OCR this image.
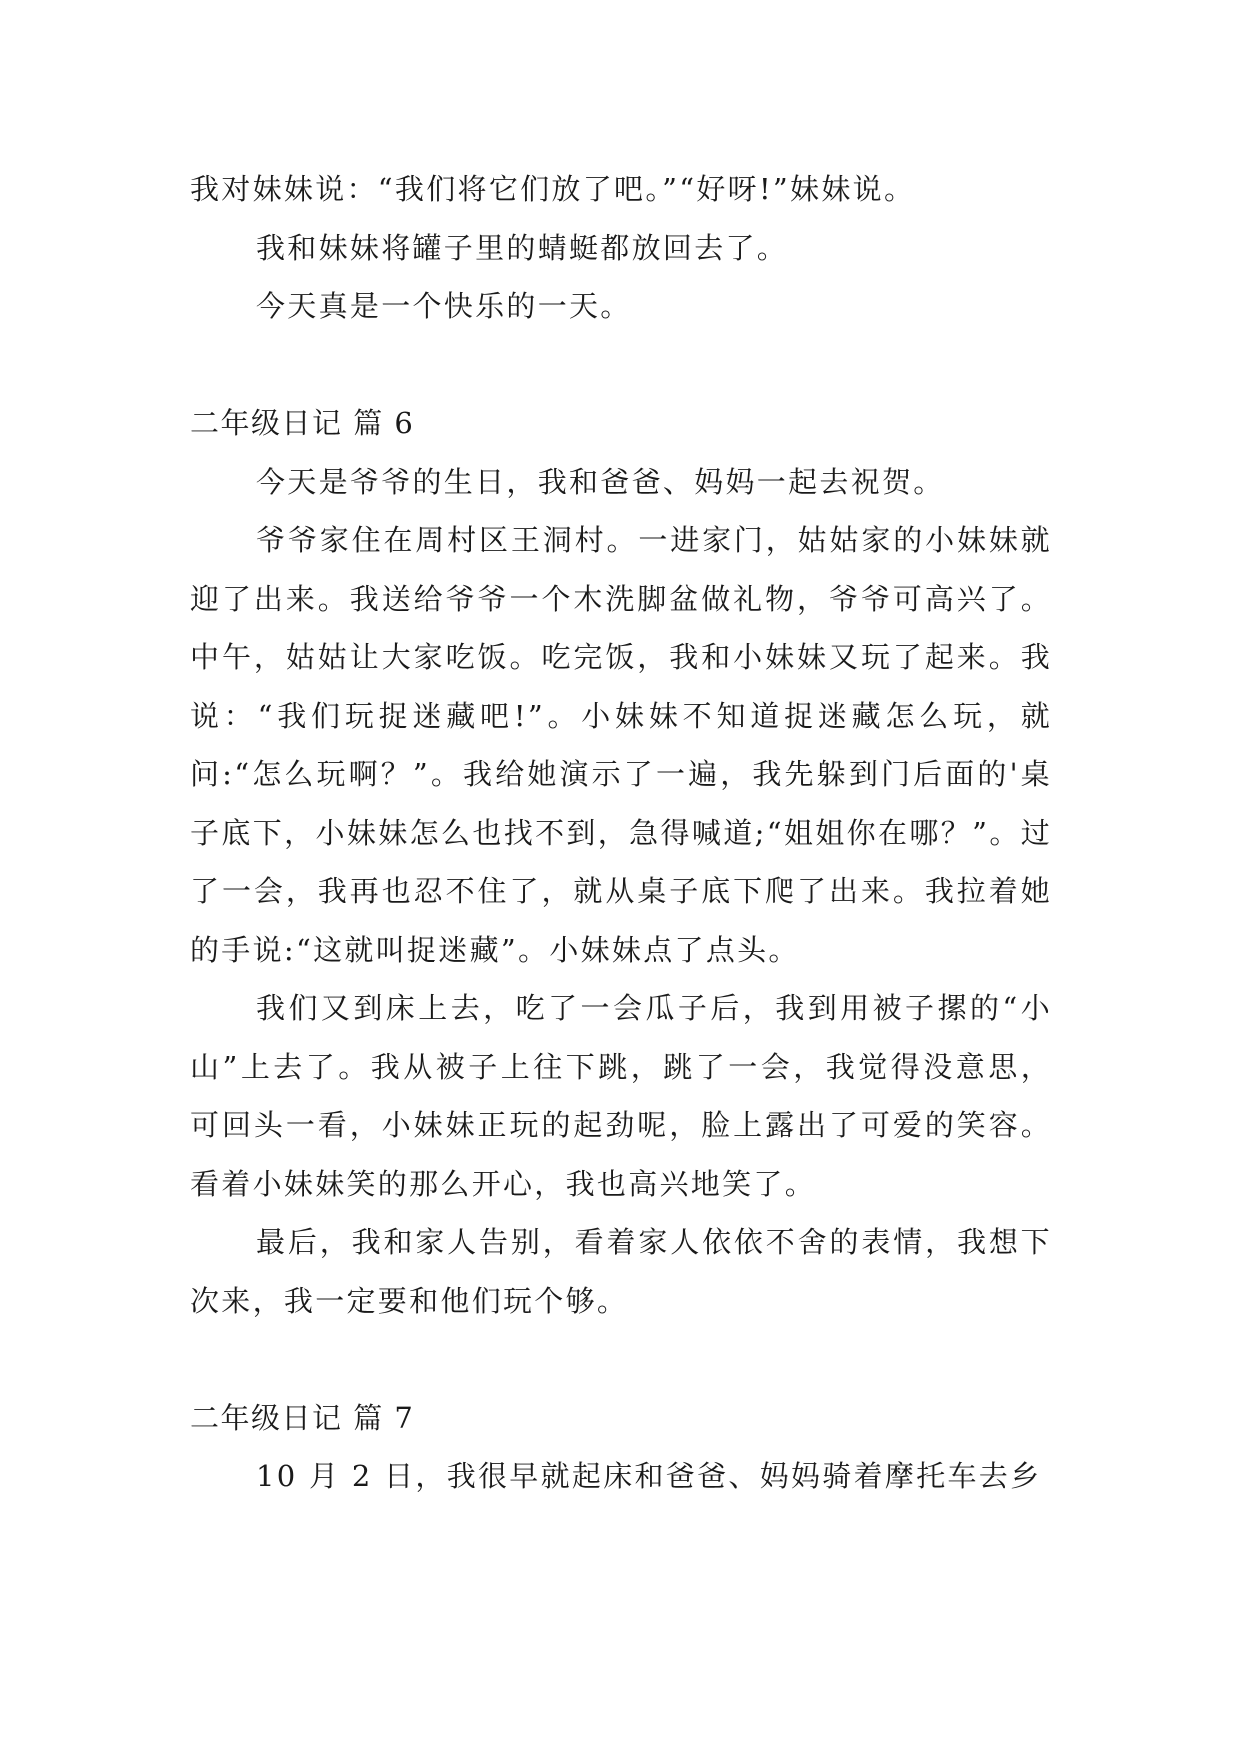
我对妹妹说：“我们将它们放了吧。”“好呀!”妹妹说。

我和妹妹将罐子里的蜻蜓都放回去了。

今天真是一个快乐的一天。

二年级日记 篇 6

今天是爷爷的生日，我和爸爸、妈妈一起去祝贺。

爷爷家住在周村区王洞村。一进家门，姑姑家的小妹妹就迎了出来。我送给爷爷一个木洗脚盆做礼物，爷爷可高兴了。中午，姑姑让大家吃饭。吃完饭，我和小妹妹又玩了起来。我说：“我们玩捉迷藏吧!”。小妹妹不知道捉迷藏怎么玩，就问:“怎么玩啊？”。我给她演示了一遍，我先躲到门后面的'桌子底下，小妹妹怎么也找不到，急得喊道;“姐姐你在哪？”。过了一会，我再也忍不住了，就从桌子底下爬了出来。我拉着她的手说:“这就叫捉迷藏”。小妹妹点了点头。

我们又到床上去，吃了一会瓜子后，我到用被子摞的“小山”上去了。我从被子上往下跳，跳了一会，我觉得没意思，可回头一看，小妹妹正玩的起劲呢，脸上露出了可爱的笑容。看着小妹妹笑的那么开心，我也高兴地笑了。

最后，我和家人告别，看着家人依依不舍的表情，我想下次来，我一定要和他们玩个够。

二年级日记 篇 7

10 月 2 日，我很早就起床和爸爸、妈妈骑着摩托车去乡
